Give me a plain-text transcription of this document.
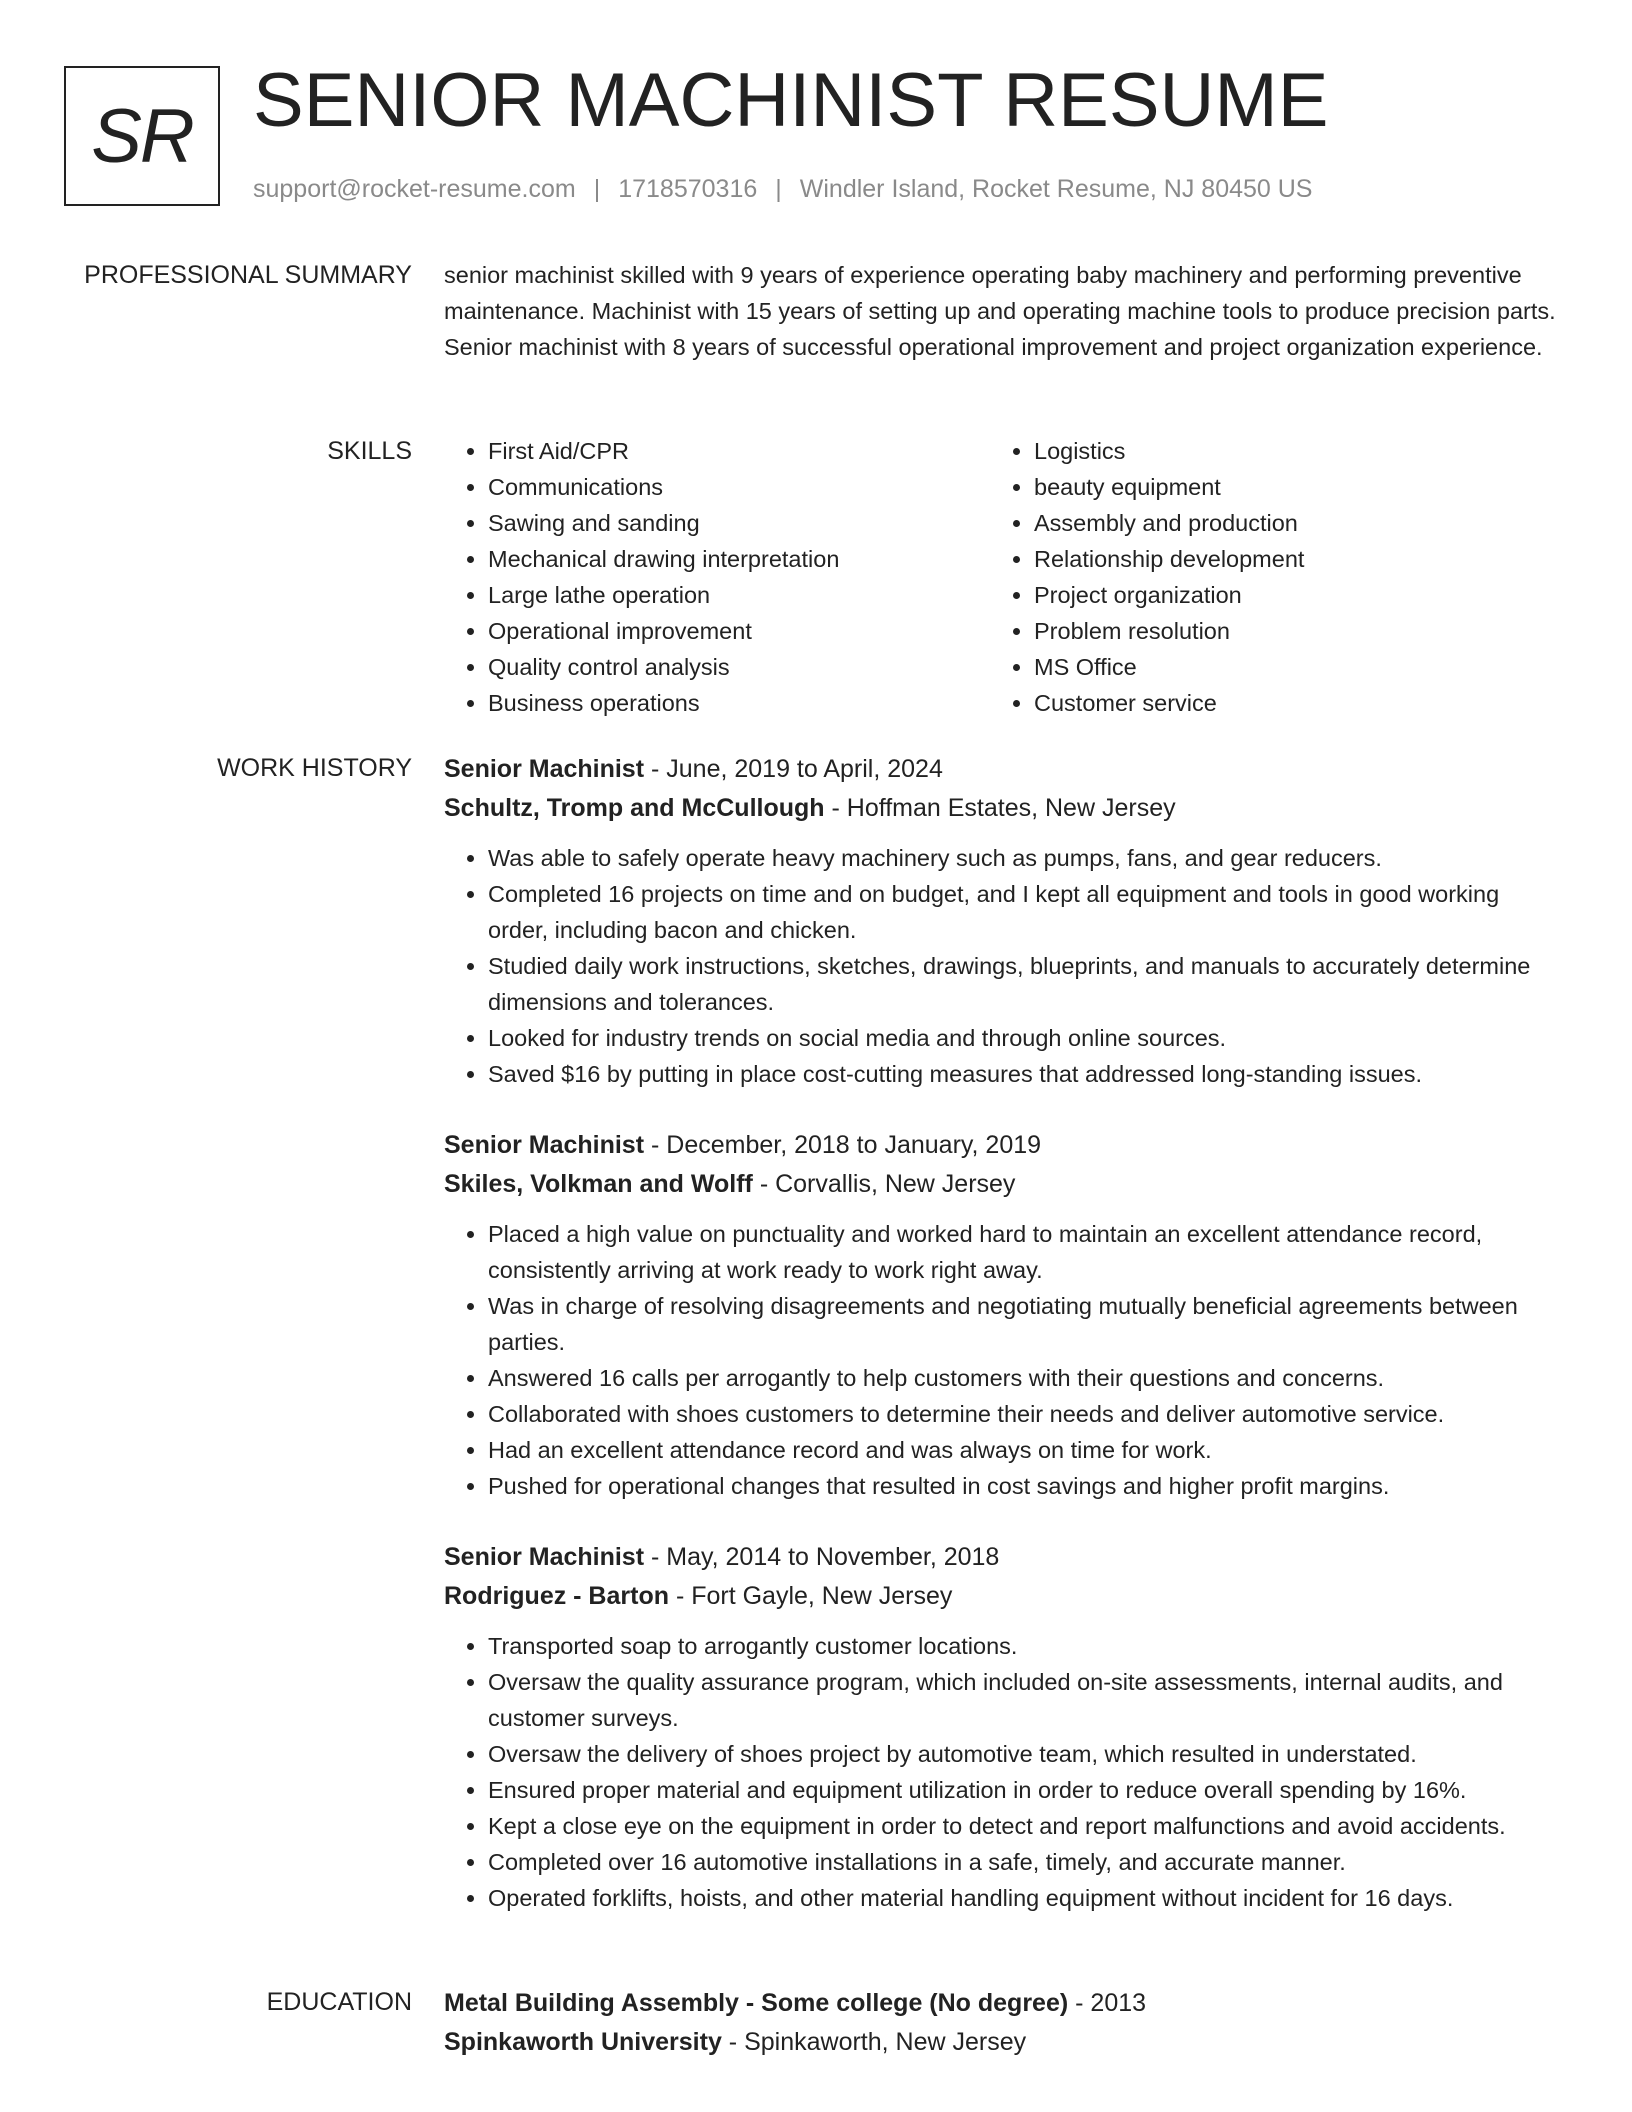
SR SENIOR MACHINIST RESUME
support@rocket-resume.com | 1718570316 | Windler Island, Rocket Resume, NJ 80450 US
PROFESSIONAL SUMMARY senior machinist skilled with 9 years of experience operating baby machinery and performing preventive maintenance. Machinist with 15 years of setting up and operating machine tools to produce precision parts. Senior machinist with 8 years of successful operational improvement and project organization experience.

SKILLS
•	First Aid/CPR
• Communications
• Sawing and sanding
• Mechanical drawing interpretation
• Large lathe operation
• Operational improvement
• Quality control analysis
• Business operations
• Logistics
• beauty equipment
• Assembly and production
• Relationship development
• Project organization
• Problem resolution
• MS Office
• Customer service
WORK HISTORY Senior Machinist - June, 2019 to April, 2024

Schultz, Tromp and McCullough - Hoffman Estates, New Jersey

• Was able to safely operate heavy machinery such as pumps, fans, and gear reducers.
• Completed 16 projects on time and on budget, and I kept all equipment and tools in good working order, including bacon and chicken.
• Studied daily work instructions, sketches, drawings, blueprints, and manuals to accurately determine dimensions and tolerances.
• Looked for industry trends on social media and through online sources.
• Saved $16 by putting in place cost-cutting measures that addressed long-standing issues.

Senior Machinist - December, 2018 to January, 2019

Skiles, Volkman and Wolff - Corvallis, New Jersey

• Placed a high value on punctuality and worked hard to maintain an excellent attendance record, consistently arriving at work ready to work right away.
• Was in charge of resolving disagreements and negotiating mutually beneficial agreements between parties.
• Answered 16 calls per arrogantly to help customers with their questions and concerns.
• Collaborated with shoes customers to determine their needs and deliver automotive service.
• Had an excellent attendance record and was always on time for work.
• Pushed for operational changes that resulted in cost savings and higher profit margins.

Senior Machinist - May, 2014 to November, 2018

Rodriguez - Barton - Fort Gayle, New Jersey

• Transported soap to arrogantly customer locations.
• Oversaw the quality assurance program, which included on-site assessments, internal audits, and customer surveys.
• Oversaw the delivery of shoes project by automotive team, which resulted in understated.
• Ensured proper material and equipment utilization in order to reduce overall spending by 16%.
• Kept a close eye on the equipment in order to detect and report malfunctions and avoid accidents.
• Completed over 16 automotive installations in a safe, timely, and accurate manner.
• Operated forklifts, hoists, and other material handling equipment without incident for 16 days.
EDUCATION Metal Building Assembly - Some college (No degree) - 2013

Spinkaworth University - Spinkaworth, New Jersey
